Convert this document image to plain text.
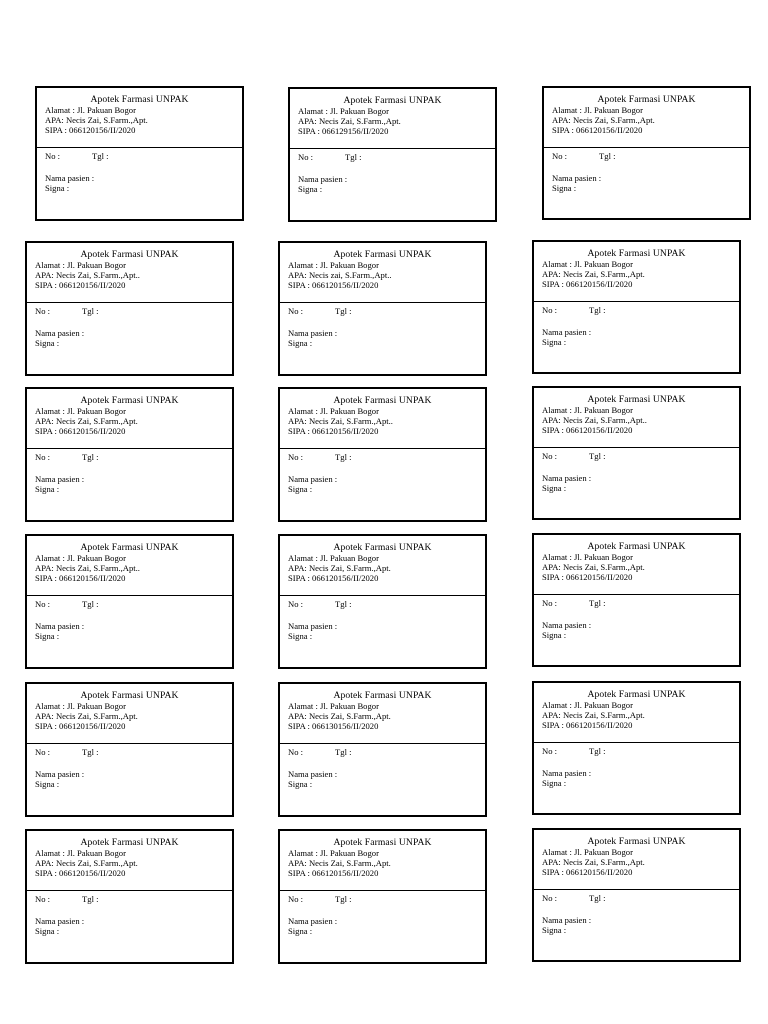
Apotek Farmasi UNPAK
Alamat : Jl. Pakuan Bogor
APA: Necis Zai, S.Farm.,Apt.
SIPA : 066120156/II/2020
No :	Tgl :
Nama pasien :
Signa :
Apotek Farmasi UNPAK
Alamat : Jl. Pakuan Bogor
APA: Necis Zai, S.Farm.,Apt.
SIPA : 066129156/II/2020
No :	Tgl :
Nama pasien :
Signa :
Apotek Farmasi UNPAK
Alamat : Jl. Pakuan Bogor
APA: Necis Zai, S.Farm.,Apt.
SIPA : 066120156/II/2020
No :	Tgl :
Nama pasien :
Signa :
Apotek Farmasi UNPAK
Alamat : Jl. Pakuan Bogor
APA: Necis Zai, S.Farm.,Apt..
SIPA : 066120156/II/2020
No :	Tgl :
Nama pasien :
Signa :
Apotek Farmasi UNPAK
Alamat : Jl. Pakuan Bogor
APA: Necis zai, S.Farm.,Apt..
SIPA : 066120156/II/2020
No :	Tgl :
Nama pasien :
Signa :
Apotek Farmasi UNPAK
Alamat : Jl. Pakuan Bogor
APA: Necis Zai, S.Farm.,Apt.
SIPA : 066120156/II/2020
No :	Tgl :
Nama pasien :
Signa :
Apotek Farmasi UNPAK
Alamat : Jl. Pakuan Bogor
APA: Necis Zai, S.Farm.,Apt.
SIPA : 066120156/II/2020
No :	Tgl :
Nama pasien :
Signa :
Apotek Farmasi UNPAK
Alamat : Jl. Pakuan Bogor
APA: Necis Zai, S.Farm.,Apt..
SIPA : 066120156/II/2020
No :	Tgl :
Nama pasien :
Signa :
Apotek Farmasi UNPAK
Alamat : Jl. Pakuan Bogor
APA: Necis Zai, S.Farm.,Apt..
SIPA : 066120156/II/2020
No :	Tgl :
Nama pasien :
Signa :
Apotek Farmasi UNPAK
Alamat : Jl. Pakuan Bogor
APA: Necis Zai, S.Farm.,Apt..
SIPA : 066120156/II/2020
No :	Tgl :
Nama pasien :
Signa :
Apotek Farmasi UNPAK
Alamat : Jl. Pakuan Bogor
APA: Necis Zai, S.Farm.,Apt.
SIPA : 066120156/II/2020
No :	Tgl :
Nama pasien :
Signa :
Apotek Farmasi UNPAK
Alamat : Jl. Pakuan Bogor
APA: Necis Zai, S.Farm.,Apt.
SIPA : 066120156/II/2020
No :	Tgl :
Nama pasien :
Signa :
Apotek Farmasi UNPAK
Alamat : Jl. Pakuan Bogor
APA: Necis Zai, S.Farm.,Apt.
SIPA : 066120156/II/2020
No :	Tgl :
Nama pasien :
Signa :
Apotek Farmasi UNPAK
Alamat : Jl. Pakuan Bogor
APA: Necis Zai, S.Farm.,Apt.
SIPA : 066130156/II/2020
No :	Tgl :
Nama pasien :
Signa :
Apotek Farmasi UNPAK
Alamat : Jl. Pakuan Bogor
APA: Necis Zai, S.Farm.,Apt.
SIPA : 066120156/II/2020
No :	Tgl :
Nama pasien :
Signa :
Apotek Farmasi UNPAK
Alamat : Jl. Pakuan Bogor
APA: Necis Zai, S.Farm.,Apt.
SIPA : 066120156/II/2020
No :	Tgl :
Nama pasien :
Signa :
Apotek Farmasi UNPAK
Alamat : Jl. Pakuan Bogor
APA: Necis Zai, S.Farm.,Apt.
SIPA : 066120156/II/2020
No :	Tgl :
Nama pasien :
Signa :
Apotek Farmasi UNPAK
Alamat : Jl. Pakuan Bogor
APA: Necis Zai, S.Farm.,Apt.
SIPA : 066120156/II/2020
No :	Tgl :
Nama pasien :
Signa :
